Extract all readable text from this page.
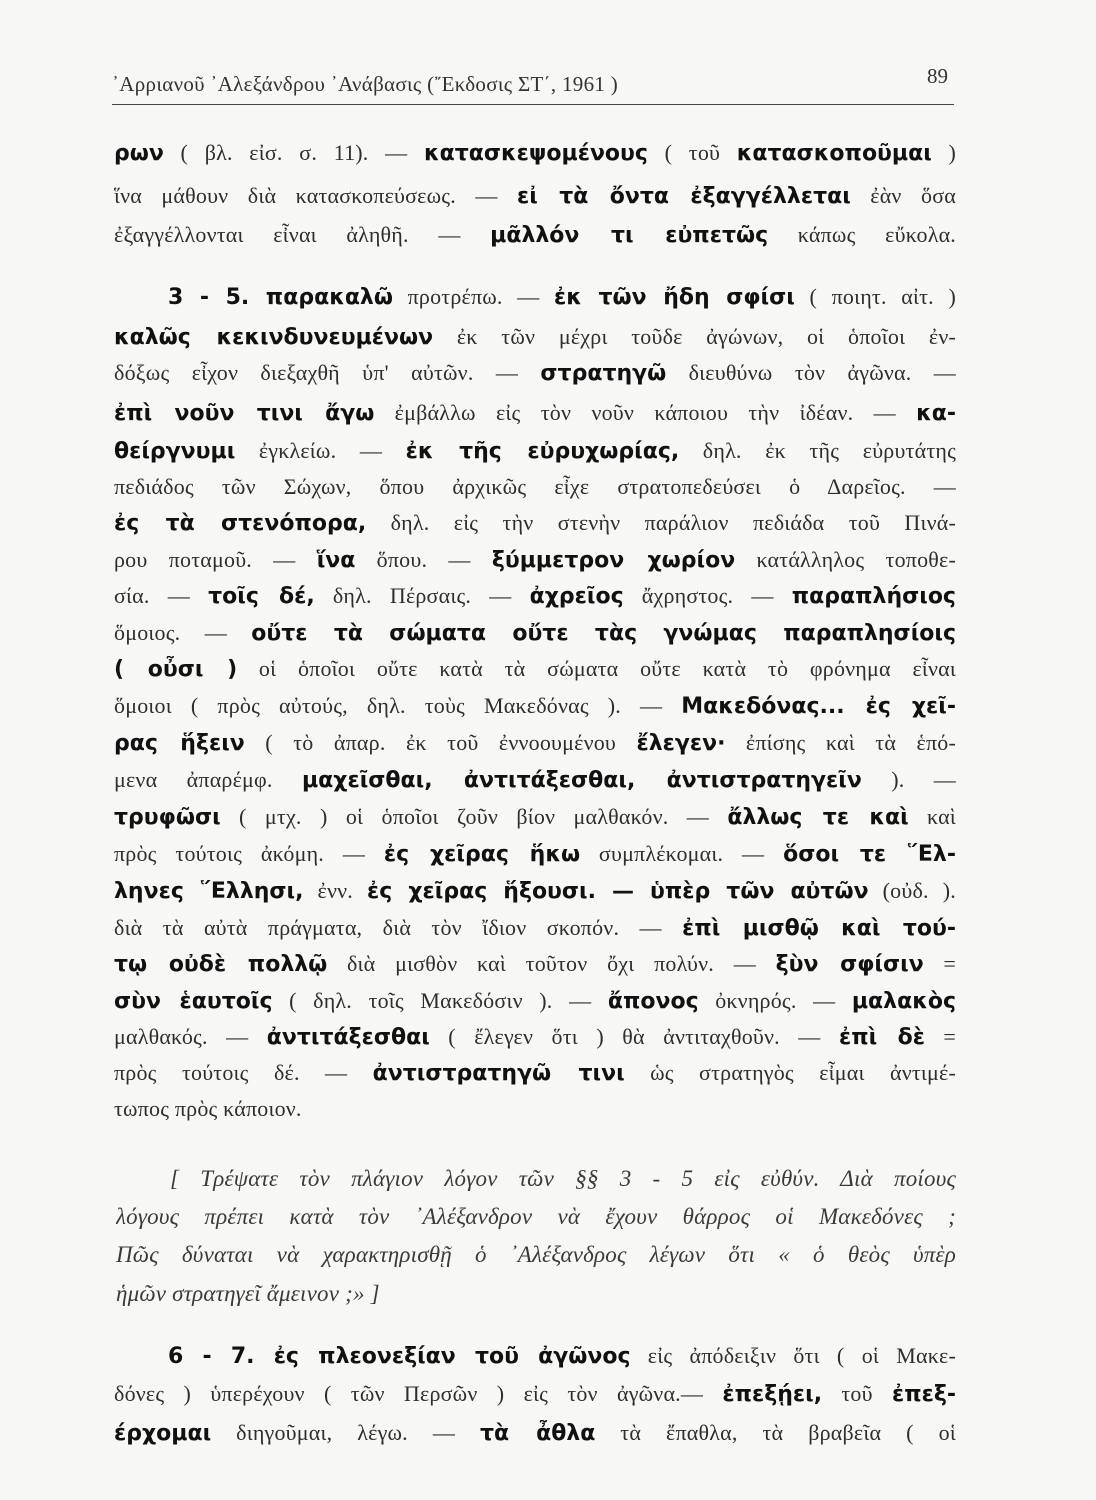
᾿Αρριανοῦ ᾿Αλεξάνδρου ᾿Ανάβασις (῎Εκδοσις ΣΤ΄, 1961 )	89
ρων ( βλ. εἰσ. σ. 11). — κατασκεψομένους ( τοῦ κατασκοποῦμαι )
ἵνα μάθουν διὰ κατασκοπεύσεως. — εἰ τὰ ὄντα ἐξαγγέλλεται ἐὰν ὅσα
ἐξαγγέλλονται εἶναι ἀληθῆ. — μᾶλλόν τι εὐπετῶς κάπως εὔκολα.
3 - 5. παρακαλῶ προτρέπω. — ἐκ τῶν ἤδη σφίσι ( ποιητ. αἰτ. )
καλῶς κεκινδυνευμένων ἐκ τῶν μέχρι τοῦδε ἀγώνων, οἱ ὁποῖοι ἐν-
δόξως εἶχον διεξαχθῆ ὑπ' αὐτῶν. — στρατηγῶ διευθύνω τὸν ἀγῶνα. —
ἐπὶ νοῦν τινι ἄγω ἐμβάλλω εἰς τὸν νοῦν κάποιου τὴν ἰδέαν. — κα-
θείργνυμι ἐγκλείω. — ἐκ τῆς εὐρυχωρίας, δηλ. ἐκ τῆς εὐρυτάτης
πεδιάδος τῶν Σώχων, ὅπου ἀρχικῶς εἶχε στρατοπεδεύσει ὁ Δαρεῖος. —
ἐς τὰ στενόπορα, δηλ. εἰς τὴν στενὴν παράλιον πεδιάδα τοῦ Πινά-
ρου ποταμοῦ. — ἵνα ὅπου. — ξύμμετρον χωρίον κατάλληλος τοποθε-
σία. — τοῖς δέ, δηλ. Πέρσαις. — ἀχρεῖος ἄχρηστος. — παραπλήσιος
ὅμοιος. — οὔτε τὰ σώματα οὔτε τὰς γνώμας παραπλησίοις
( οὖσι ) οἱ ὁποῖοι οὔτε κατὰ τὰ σώματα οὔτε κατὰ τὸ φρόνημα εἶναι
ὅμοιοι ( πρὸς αὐτούς, δηλ. τοὺς Μακεδόνας ). — Μακεδόνας... ἐς χεῖ-
ρας ἥξειν ( τὸ ἀπαρ. ἐκ τοῦ ἐννοουμένου ἔλεγεν· ἐπίσης καὶ τὰ ἑπό-
μενα ἀπαρέμφ. μαχεῖσθαι, ἀντιτάξεσθαι, ἀντιστρατηγεῖν ). —
τρυφῶσι ( μτχ. ) οἱ ὁποῖοι ζοῦν βίον μαλθακόν. — ἄλλως τε καὶ καὶ
πρὸς τούτοις ἀκόμη. — ἐς χεῖρας ἥκω συμπλέκομαι. — ὅσοι τε ῞Ελ-
ληνες ῞Ελλησι, ἐνν. ἐς χεῖρας ἥξουσι. — ὑπὲρ τῶν αὐτῶν (οὐδ. ).
διὰ τὰ αὐτὰ πράγματα, διὰ τὸν ἴδιον σκοπόν. — ἐπὶ μισθῷ καὶ τού-
τῳ οὐδὲ πολλῷ διὰ μισθὸν καὶ τοῦτον ὄχι πολύν. — ξὺν σφίσιν =
σὺν ἑαυτοῖς ( δηλ. τοῖς Μακεδόσιν ). — ἄπονος ὀκνηρός. — μαλακὸς
μαλθακός. — ἀντιτάξεσθαι ( ἔλεγεν ὅτι ) θὰ ἀντιταχθοῦν. — ἐπὶ δὲ =
πρὸς τούτοις δέ. — ἀντιστρατηγῶ τινι ὡς στρατηγὸς εἶμαι ἀντιμέ-
τωπος πρὸς κάποιον.
[ Τρέψατε τὸν πλάγιον λόγον τῶν §§ 3 - 5 εἰς εὐθύν. Διὰ ποίους
λόγους πρέπει κατὰ τὸν ᾿Αλέξανδρον νὰ ἔχουν θάρρος οἱ Μακεδόνες ;
Πῶς δύναται νὰ χαρακτηρισθῇ ὁ ᾿Αλέξανδρος λέγων ὅτι « ὁ θεὸς ὑπὲρ
ἡμῶν στρατηγεῖ ἄμεινον ;» ]
6 - 7. ἐς πλεονεξίαν τοῦ ἀγῶνος εἰς ἀπόδειξιν ὅτι ( οἱ Μακε-
δόνες ) ὑπερέχουν ( τῶν Περσῶν ) εἰς τὸν ἀγῶνα.— ἐπεξῄει, τοῦ ἐπεξ-
έρχομαι διηγοῦμαι, λέγω. — τὰ ἆθλα τὰ ἔπαθλα, τὰ βραβεῖα ( οἱ
